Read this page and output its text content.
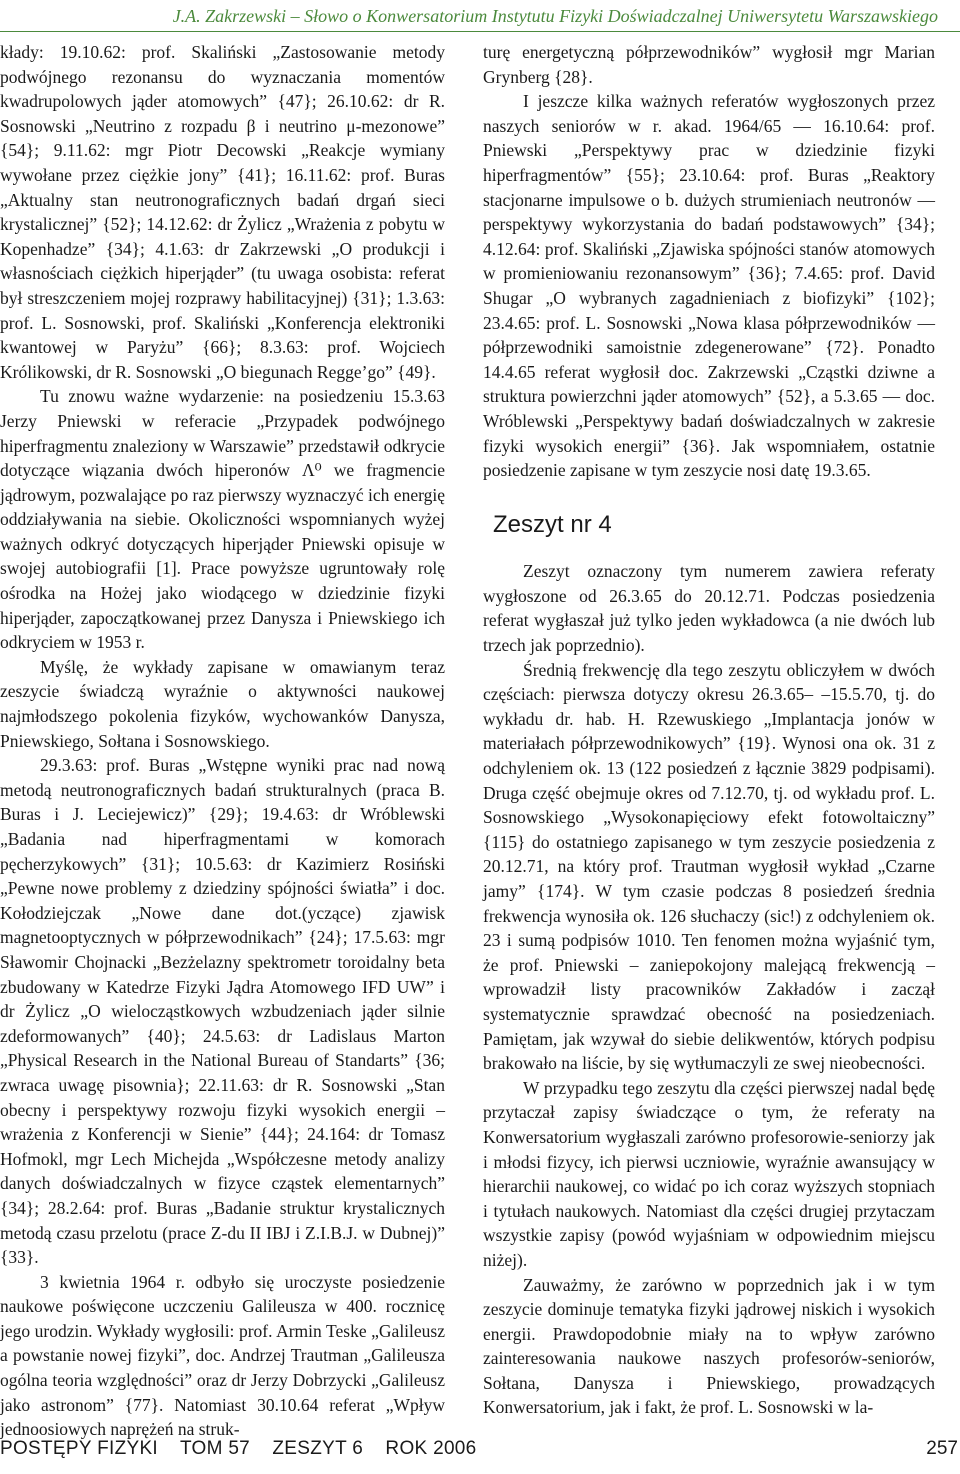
J.A. Zakrzewski – Słowo o Konwersatorium Instytutu Fizyki Doświadczalnej Uniwersytetu Warszawskiego

kłady: 19.10.62: prof. Skaliński „Zastosowanie metody podwójnego rezonansu do wyznaczania momentów kwadrupolowych jąder atomowych” {47}; 26.10.62: dr R. Sosnowski „Neutrino z rozpadu β i neutrino μ-mezonowe” {54}; 9.11.62: mgr Piotr Decowski „Reakcje wymiany wywołane przez ciężkie jony” {41}; 16.11.62: prof. Buras „Aktualny stan neutronograficznych badań drgań sieci krystalicznej” {52}; 14.12.62: dr Żylicz „Wrażenia z pobytu w Kopenhadze” {34}; 4.1.63: dr Zakrzewski „O produkcji i własnościach ciężkich hiperjąder” (tu uwaga osobista: referat był streszczeniem mojej rozprawy habilitacyjnej) {31}; 1.3.63: prof. L. Sosnowski, prof. Skaliński „Konferencja elektroniki kwantowej w Paryżu” {66}; 8.3.63: prof. Wojciech Królikowski, dr R. Sosnowski „O biegunach Regge’go” {49}.

Tu znowu ważne wydarzenie: na posiedzeniu 15.3.63 Jerzy Pniewski w referacie „Przypadek podwójnego hiperfragmentu znaleziony w Warszawie” przedstawił odkrycie dotyczące wiązania dwóch hiperonów Λ⁰ we fragmencie jądrowym, pozwalające po raz pierwszy wyznaczyć ich energię oddziaływania na siebie. Okoliczności wspomnianych wyżej ważnych odkryć dotyczących hiperjąder Pniewski opisuje w swojej autobiografii [1]. Prace powyższe ugruntowały rolę ośrodka na Hożej jako wiodącego w dziedzinie fizyki hiperjąder, zapoczątkowanej przez Danysza i Pniewskiego ich odkryciem w 1953 r.

Myślę, że wykłady zapisane w omawianym teraz zeszycie świadczą wyraźnie o aktywności naukowej najmłodszego pokolenia fizyków, wychowanków Danysza, Pniewskiego, Sołtana i Sosnowskiego.

29.3.63: prof. Buras „Wstępne wyniki prac nad nową metodą neutronograficznych badań strukturalnych (praca B. Buras i J. Leciejewicz)” {29}; 19.4.63: dr Wróblewski „Badania nad hiperfragmentami w komorach pęcherzykowych” {31}; 10.5.63: dr Kazimierz Rosiński „Pewne nowe problemy z dziedziny spójności światła” i doc. Kołodziejczak „Nowe dane dot.(yczące) zjawisk magnetooptycznych w półprzewodnikach” {24}; 17.5.63: mgr Sławomir Chojnacki „Bezżelazny spektrometr toroidalny beta zbudowany w Katedrze Fizyki Jądra Atomowego IFD UW” i dr Żylicz „O wielocząstkowych wzbudzeniach jąder silnie zdeformowanych” {40}; 24.5.63: dr Ladislaus Marton „Physical Research in the National Bureau of Standarts” {36; zwraca uwagę pisownia}; 22.11.63: dr R. Sosnowski „Stan obecny i perspektywy rozwoju fizyki wysokich energii – wrażenia z Konferencji w Sienie” {44}; 24.164: dr Tomasz Hofmokl, mgr Lech Michejda „Współczesne metody analizy danych doświadczalnych w fizyce cząstek elementarnych” {34}; 28.2.64: prof. Buras „Badanie struktur krystalicznych metodą czasu przelotu (prace Z-du II IBJ i Z.I.B.J. w Dubnej)” {33}.

3 kwietnia 1964 r. odbyło się uroczyste posiedzenie naukowe poświęcone uczczeniu Galileusza w 400. rocznicę jego urodzin. Wykłady wygłosili: prof. Armin Teske „Galileusz a powstanie nowej fizyki”, doc. Andrzej Trautman „Galileusza ogólna teoria względności” oraz dr Jerzy Dobrzycki „Galileusz jako astronom” {77}. Natomiast 30.10.64 referat „Wpływ jednoosiowych naprężeń na struk-

turę energetyczną półprzewodników” wygłosił mgr Marian Grynberg {28}.

I jeszcze kilka ważnych referatów wygłoszonych przez naszych seniorów w r. akad. 1964/65 — 16.10.64: prof. Pniewski „Perspektywy prac w dziedzinie fizyki hiperfragmentów” {55}; 23.10.64: prof. Buras „Reaktory stacjonarne impulsowe o b. dużych strumieniach neutronów — perspektywy wykorzystania do badań podstawowych” {34}; 4.12.64: prof. Skaliński „Zjawiska spójności stanów atomowych w promieniowaniu rezonansowym” {36}; 7.4.65: prof. David Shugar „O wybranych zagadnieniach z biofizyki” {102}; 23.4.65: prof. L. Sosnowski „Nowa klasa półprzewodników — półprzewodniki samoistnie zdegenerowane” {72}. Ponadto 14.4.65 referat wygłosił doc. Zakrzewski „Cząstki dziwne a struktura powierzchni jąder atomowych” {52}, a 5.3.65 — doc. Wróblewski „Perspektywy badań doświadczalnych w zakresie fizyki wysokich energii” {36}. Jak wspomniałem, ostatnie posiedzenie zapisane w tym zeszycie nosi datę 19.3.65.

Zeszyt nr 4

Zeszyt oznaczony tym numerem zawiera referaty wygłoszone od 26.3.65 do 20.12.71. Podczas posiedzenia referat wygłaszał już tylko jeden wykładowca (a nie dwóch lub trzech jak poprzednio).

Średnią frekwencję dla tego zeszytu obliczyłem w dwóch częściach: pierwsza dotyczy okresu 26.3.65– –15.5.70, tj. do wykładu dr. hab. H. Rzewuskiego „Implantacja jonów w materiałach półprzewodnikowych” {19}. Wynosi ona ok. 31 z odchyleniem ok. 13 (122 posiedzeń z łącznie 3829 podpisami). Druga część obejmuje okres od 7.12.70, tj. od wykładu prof. L. Sosnowskiego „Wysokonapięciowy efekt fotowoltaiczny” {115} do ostatniego zapisanego w tym zeszycie posiedzenia z 20.12.71, na który prof. Trautman wygłosił wykład „Czarne jamy” {174}. W tym czasie podczas 8 posiedzeń średnia frekwencja wynosiła ok. 126 słuchaczy (sic!) z odchyleniem ok. 23 i sumą podpisów 1010. Ten fenomen można wyjaśnić tym, że prof. Pniewski – zaniepokojony malejącą frekwencją – wprowadził listy pracowników Zakładów i zaczął systematycznie sprawdzać obecność na posiedzeniach. Pamiętam, jak wzywał do siebie delikwentów, których podpisu brakowało na liście, by się wytłumaczyli ze swej nieobecności.

W przypadku tego zeszytu dla części pierwszej nadal będę przytaczał zapisy świadczące o tym, że referaty na Konwersatorium wygłaszali zarówno profesorowie-seniorzy jak i młodsi fizycy, ich pierwsi uczniowie, wyraźnie awansujący w hierarchii naukowej, co widać po ich coraz wyższych stopniach i tytułach naukowych. Natomiast dla części drugiej przytaczam wszystkie zapisy (powód wyjaśniam w odpowiednim miejscu niżej).

Zauważmy, że zarówno w poprzednich jak i w tym zeszycie dominuje tematyka fizyki jądrowej niskich i wysokich energii. Prawdopodobnie miały na to wpływ zarówno zainteresowania naukowe naszych profesorów-seniorów, Sołtana, Danysza i Pniewskiego, prowadzących Konwersatorium, jak i fakt, że prof. L. Sosnowski w la-

POSTĘPY FIZYKI    TOM 57    ZESZYT 6    ROK 2006	257
